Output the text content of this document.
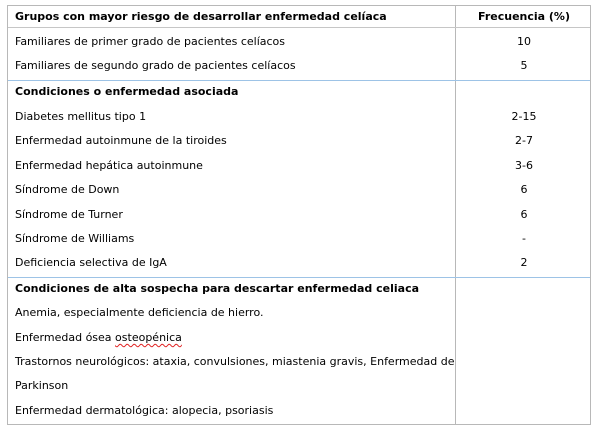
Grupos con mayor riesgo de desarrollar enfermedad celíaca	Frecuencia (%)
Familiares de primer grado de pacientes celíacos	10
Familiares de segundo grado de pacientes celíacos	5
Condiciones o enfermedad asociada
Diabetes mellitus tipo 1	2-15
Enfermedad autoinmune de la tiroides	2-7
Enfermedad hepática autoinmune	3-6
Síndrome de Down	6
Síndrome de Turner	6
Síndrome de Williams	-
Deficiencia selectiva de IgA	2
Condiciones de alta sospecha para descartar enfermedad celiaca
Anemia, especialmente deficiencia de hierro.
Enfermedad ósea osteopénica
Trastornos neurológicos: ataxia, convulsiones, miastenia gravis, Enfermedad de
Parkinson
Enfermedad dermatológica: alopecia, psoriasis
